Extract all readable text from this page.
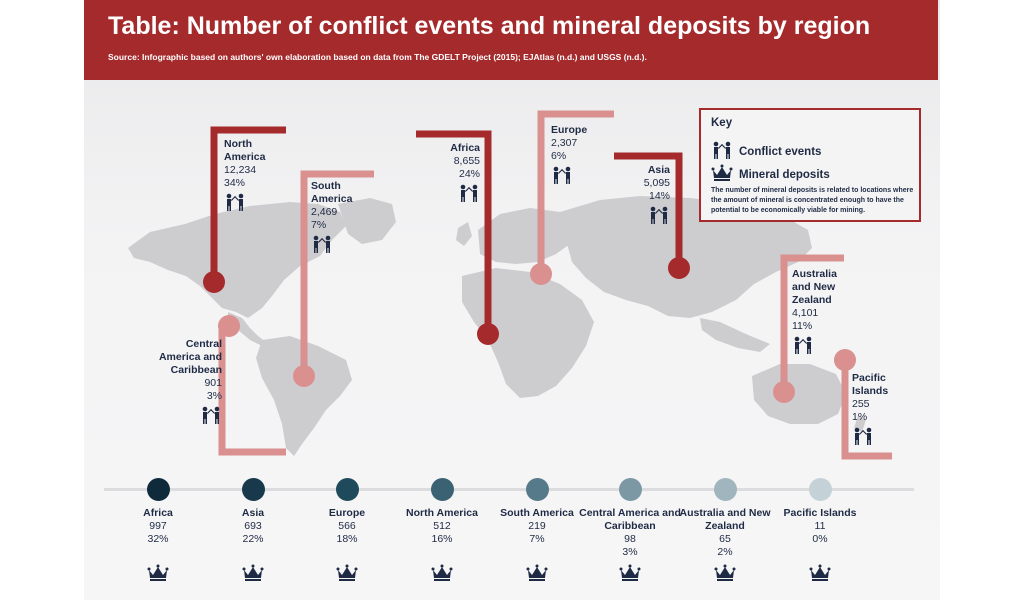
Table: Number of conflict events and mineral deposits by region
Source: Infographic based on authors' own elaboration based on data from The GDELT Project (2015); EJAtlas (n.d.) and USGS (n.d.).
North America
12,234
34%	South America
2,469
7%
Africa
8,655
24%
Europe
2,307
6%
Asia
5,095
14%
Central America and Caribbean
901
3%
Australia and New Zealand
4,101
11%
Pacific Islands
255
1%
Key
Conflict events
Mineral deposits
The number of mineral deposits is related to locations where the amount of mineral is concentrated enough to have the potential to be economically viable for mining.
Africa
997
32%
Asia
693
22%
Europe
566
18%
North America
512
16%
South America
219
7%
Central America and Caribbean
98
3%
Australia and New Zealand
65
2%
Pacific Islands
11
0%
